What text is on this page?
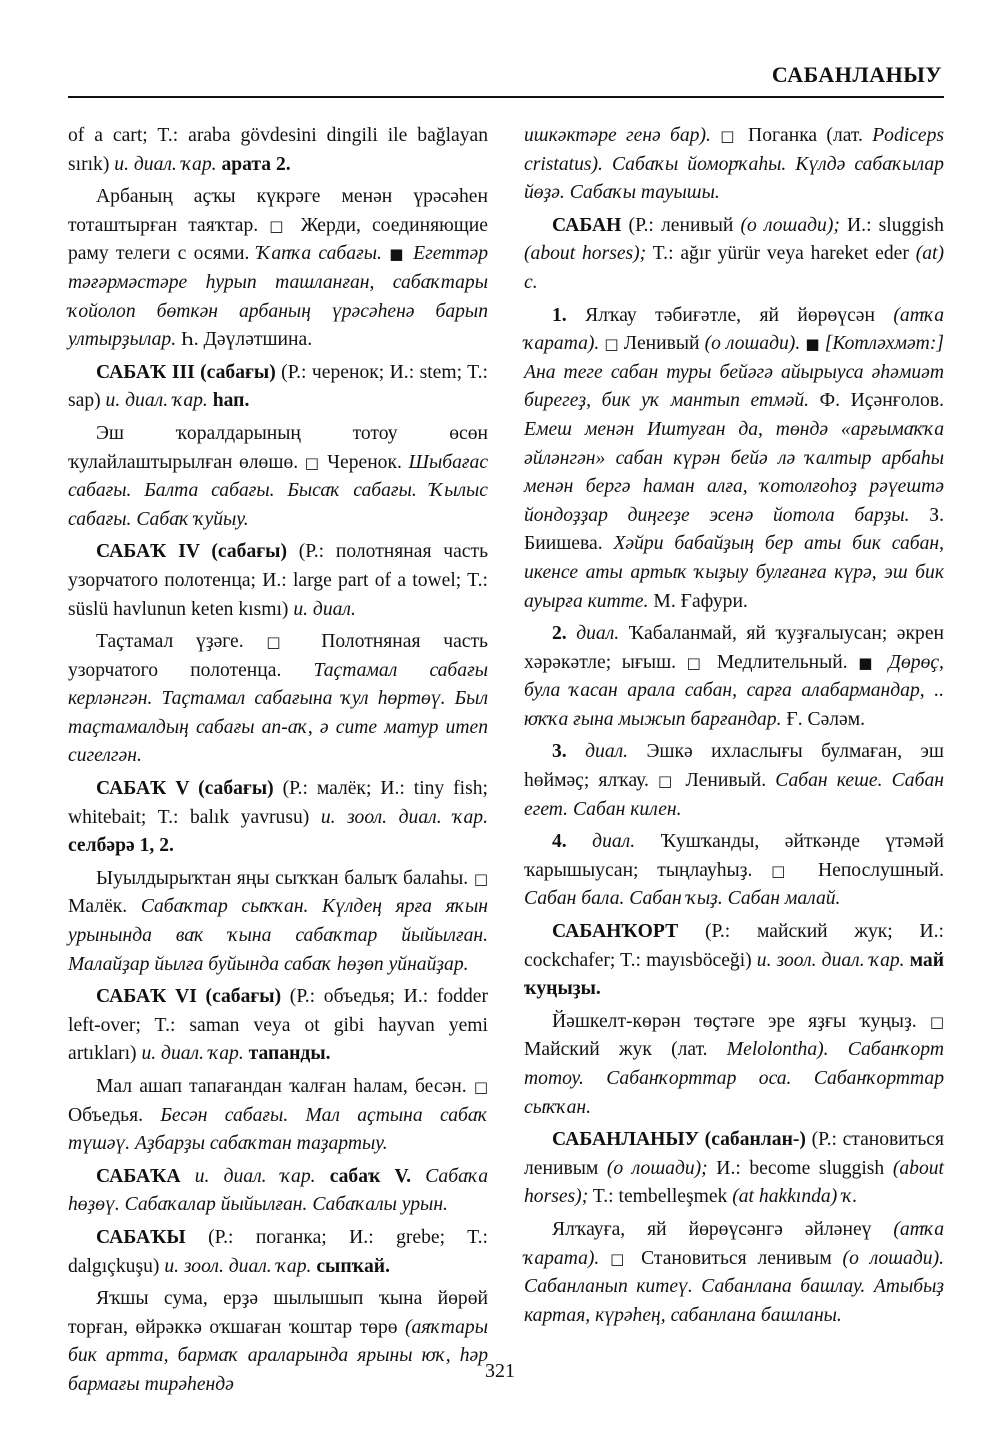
САБАНЛАНЫУ

of a cart; T.: araba gövdesini dingili ile bağlayan sırık) и. диал. ҡар. арата 2.

Арбаның аҫҡы күкрәге менән үрәсәһен тоташтырған таяҡтар. □ Жерди, соединяющие раму телеги с осями. Ҡапҡа сабағы. ■ Егеттәр тәғәрмәстәре һурып ташланған, сабаҡтары ҡойолоп бөткән арбаның үрәсәһенә барып ултырҙылар. Һ. Дәүләтшина.

САБАҠ III (сабағы) (Р.: черенок; И.: stem; T.: sap) и. диал. ҡар. һап.

Эш ҡоралдарының тотоу өсөн ҡулайлаштырылған өлөшө. □ Черенок. Шыбағас сабағы. Балта сабағы. Бысаҡ сабағы. Ҡылыс сабағы. Сабаҡ ҡуйыу.

САБАҠ IV (сабағы) (Р.: полотняная часть узорчатого полотенца; И.: large part of a towel; T.: süslü havlunun keten kısmı) и. диал.

Таҫтамал үҙәге. □ Полотняная часть узорчатого полотенца. Таҫтамал сабағы керләнгән. Таҫтамал сабағына ҡул һөртөү. Был таҫтамалдың сабағы ап-аҡ, ә сите матур итеп сигелгән.

САБАҠ V (сабағы) (Р.: малёк; И.: tiny fish; whitebait; T.: balık yavrusu) и. зоол. диал. ҡар. селбәрә 1, 2.

Ыуылдырыҡтан яңы сыҡҡан балыҡ балаһы. □ Малёк. Сабаҡтар сыҡҡан. Күлдең ярға яҡын урынында ваҡ ҡына сабаҡтар йыйылған. Малайҙар йылға буйында сабаҡ һөҙөп уйнайҙар.

САБАҠ VI (сабағы) (Р.: объедья; И.: fodder left-over; T.: saman veya ot gibi hayvan yemi artıkları) и. диал. ҡар. тапанды.

Мал ашап тапағандан ҡалған һалам, бесән. □ Объедья. Бесән сабағы. Мал аҫтына сабаҡ түшәү. Аҙбарҙы сабаҡтан таҙартыу.

САБАҠА и. диал. ҡар. сабаҡ V. Сабаҡа һөҙөү. Сабаҡалар йыйылған. Сабаҡалы урын.

САБАҠЫ (Р.: поганка; И.: grebe; T.: dalgıçkuşu) и. зоол. диал. ҡар. сыпҡай.

Яҡшы сума, ерҙә шылышып ҡына йөрөй торған, өйрәккә оҡшаған ҡоштар төрө (аяҡтары бик артта, бармаҡ араларында ярыны юҡ, һәр бармағы тирәһендә

ишкәктәре генә бар). □ Поганка (лат. Podiceps cristatus). Сабаҡы йоморҡаһы. Күлдә сабаҡылар йөҙә. Сабаҡы тауышы.

САБАН (Р.: ленивый (о лошади); И.: sluggish (about horses); T.: ağır yürür veya hareket eder (at) с.

1. Ялҡау тәбиғәтле, яй йөрөүсән (атҡа ҡарата). □ Ленивый (о лошади). ■ [Котләхмәт:] Ана теге сабан туры бейәгә айырыуса әһәмиәт бирегеҙ, бик уҡ мантып етмәй. Ф. Иҫәнғолов. Емеш менән Иштуған да, төндә «арғымаҡҡа әйләнгән» сабан күрән бейә лә ҡалтыр арбаһы менән бергә һаман алға, ҡотолғоһоҙ рәүештә йондоҙҙар диңгеҙе эсенә йотола барҙы. З. Биишева. Хәйри бабайҙың бер аты бик сабан, икенсе аты артыҡ ҡыҙыу булғанға күрә, эш бик ауырға китте. М. Ғафури.

2. диал. Ҡабаланмай, яй ҡуҙғалыусан; әкрен хәрәкәтле; ығыш. □ Медлительный. ■ Дөрөҫ, була ҡасан арала сабан, сарға алабармандар, .. юҡҡа ғына мыжып барғандар. Ғ. Сәләм.

3. диал. Эшкә ихласлығы булмаған, эш һөймәҫ; ялҡау. □ Ленивый. Сабан кеше. Сабан егет. Сабан килен.

4. диал. Ҡушҡанды, әйткәнде үтәмәй ҡарышыусан; тыңлауһыҙ. □ Непослушный. Сабан бала. Сабан ҡыҙ. Сабан малай.

САБАНҠОРТ (Р.: майский жук; И.: cockchafer; T.: mayısböceği) и. зоол. диал. ҡар. май ҡуңыҙы.

Йәшкелт-көрән төҫтәге эре яҙғы ҡуңыҙ. □ Майский жук (лат. Melolontha). Сабанҡорт тотоу. Сабанҡорттар оса. Сабанҡорттар сыҡҡан.

САБАНЛАНЫУ (сабанлан-) (Р.: становиться ленивым (о лошади); И.: become sluggish (about horses); T.: tembelleşmek (at hakkında) ҡ.

Ялҡауға, яй йөрөүсәнгә әйләнеү (атҡа ҡарата). □ Становиться ленивым (о лошади). Сабанланып китеү. Сабанлана башлау. Атыбыҙ картая, күрәһең, сабанлана башланы.

321
